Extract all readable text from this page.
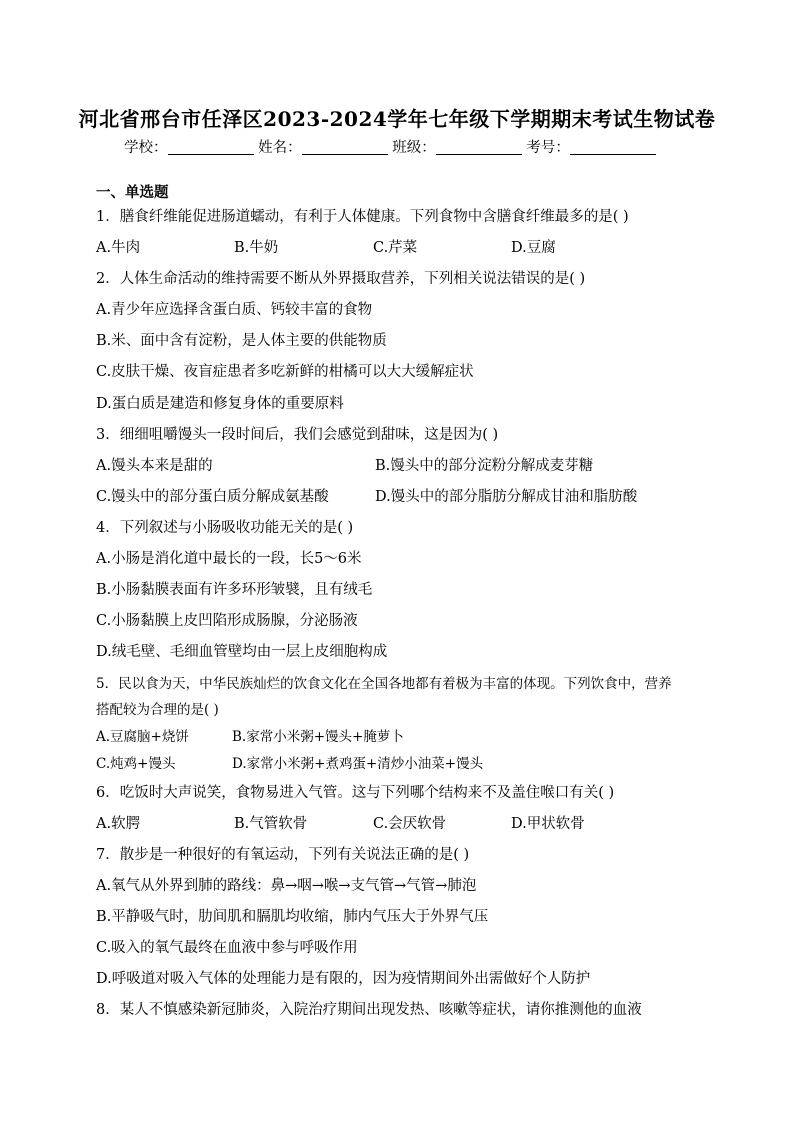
河北省邢台市任泽区2023-2024学年七年级下学期期末考试生物试卷
学校：	姓名：	班级：	考号：
一、单选题
1．膳食纤维能促进肠道蠕动，有利于人体健康。下列食物中含膳食纤维最多的是( )
A.牛肉	B.牛奶	C.芹菜	D.豆腐
2．人体生命活动的维持需要不断从外界摄取营养，下列相关说法错误的是( )
A.青少年应选择含蛋白质、钙较丰富的食物
B.米、面中含有淀粉，是人体主要的供能物质
C.皮肤干燥、夜盲症患者多吃新鲜的柑橘可以大大缓解症状
D.蛋白质是建造和修复身体的重要原料
3．细细咀嚼馒头一段时间后，我们会感觉到甜味，这是因为( )
A.馒头本来是甜的	B.馒头中的部分淀粉分解成麦芽糖
C.馒头中的部分蛋白质分解成氨基酸	D.馒头中的部分脂肪分解成甘油和脂肪酸
4．下列叙述与小肠吸收功能无关的是( )
A.小肠是消化道中最长的一段，长5～6米
B.小肠黏膜表面有许多环形皱襞，且有绒毛
C.小肠黏膜上皮凹陷形成肠腺，分泌肠液
D.绒毛壁、毛细血管壁均由一层上皮细胞构成
5．民以食为天，中华民族灿烂的饮食文化在全国各地都有着极为丰富的体现。下列饮食中，营养
搭配较为合理的是( )
A.豆腐脑+烧饼	B.家常小米粥+馒头+腌萝卜
C.炖鸡+馒头	D.家常小米粥+煮鸡蛋+清炒小油菜+馒头
6．吃饭时大声说笑，食物易进入气管。这与下列哪个结构来不及盖住喉口有关( )
A.软腭	B.气管软骨	C.会厌软骨	D.甲状软骨
7．散步是一种很好的有氧运动，下列有关说法正确的是( )
A.氧气从外界到肺的路线：鼻→咽→喉→支气管→气管→肺泡
B.平静吸气时，肋间肌和膈肌均收缩，肺内气压大于外界气压
C.吸入的氧气最终在血液中参与呼吸作用
D.呼吸道对吸入气体的处理能力是有限的，因为疫情期间外出需做好个人防护
8．某人不慎感染新冠肺炎，入院治疗期间出现发热、咳嗽等症状，请你推测他的血液
